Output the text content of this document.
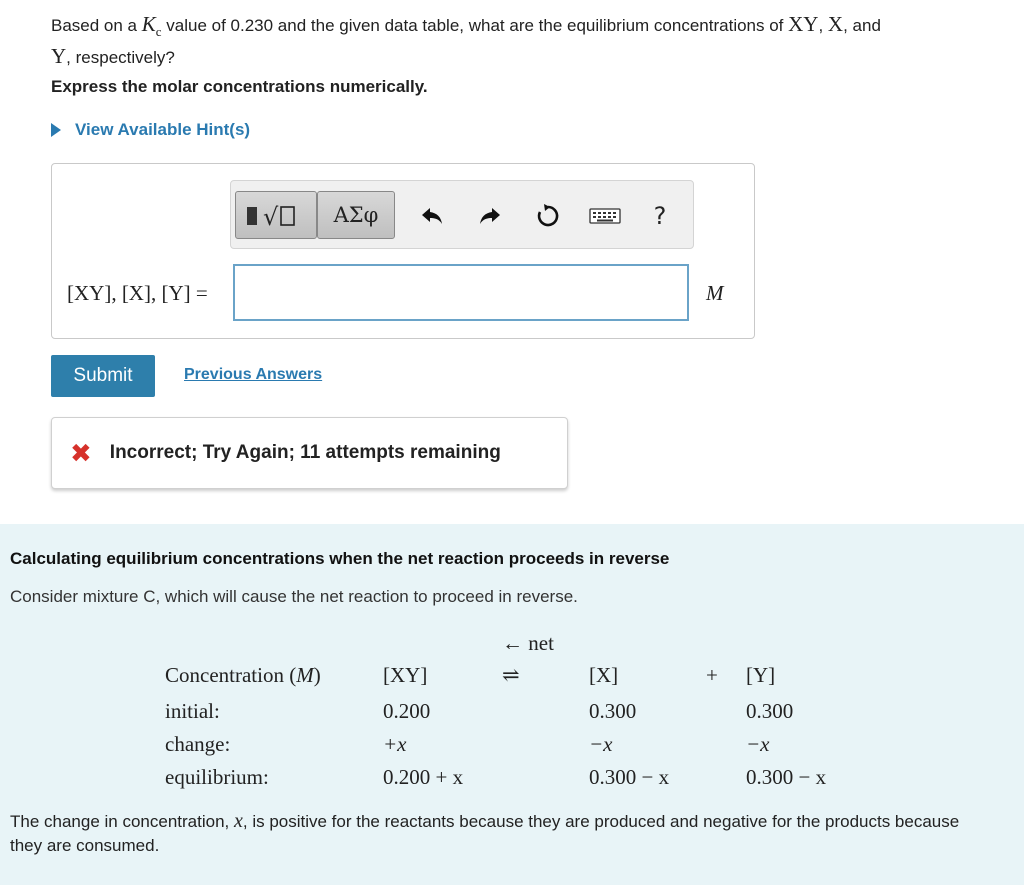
Based on a $K_c$ value of 0.230 and the given data table, what are the equilibrium concentrations of XY, X, and
Y, respectively?
Express the molar concentrations numerically.
View Available Hint(s)
√	ΑΣφ	?
[XY], [X], [Y] =	M
Submit	Previous Answers
✖ Incorrect; Try Again; 11 attempts remaining
Calculating equilibrium concentrations when the net reaction proceeds in reverse
Consider mixture C, which will cause the net reaction to proceed in reverse.
← net
Concentration (M)	[XY]	⇌	[X]	+ [Y]
initial:	0.200	0.300	0.300
change:	+x	−x	−x
equilibrium:	0.200 + x	0.300 − x	0.300 − x
The change in concentration, x, is positive for the reactants because they are produced and negative for the products because they are consumed.
